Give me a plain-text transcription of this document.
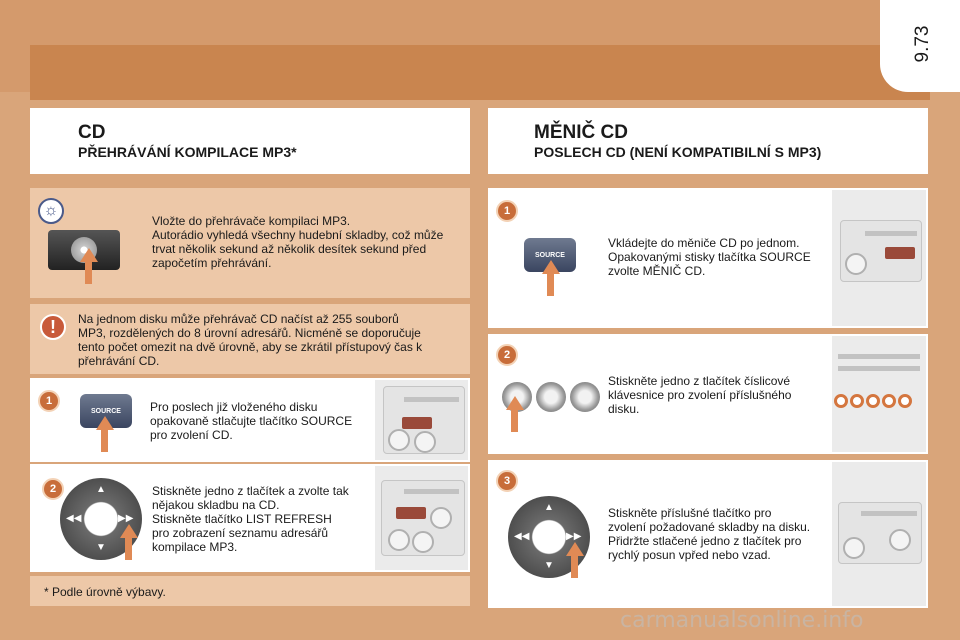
9.73
CD
PŘEHRÁVÁNÍ KOMPILACE MP3*
MĚNIČ CD
POSLECH CD (NENÍ KOMPATIBILNÍ S MP3)
☼
Vložte do přehrávače kompilaci MP3.
Autorádio vyhledá všechny hudební skladby, což může
trvat několik sekund až několik desítek sekund před
započetím přehrávání.
!	Na jednom disku může přehrávač CD načíst až 255 souborů
MP3, rozdělených do 8 úrovní adresářů. Nicméně se doporučuje
tento počet omezit na dvě úrovně, aby se zkrátil přístupový čas k
přehrávání CD.
1
SOURCE	Pro poslech již vloženého disku
opakovaně stlačujte tlačítko SOURCE
pro zvolení CD.
2	▲
▼
◀◀	▶▶
Stiskněte jedno z tlačítek a zvolte tak
nějakou skladbu na CD.
Stiskněte tlačítko LIST REFRESH
pro zobrazení seznamu adresářů
kompilace MP3.
* Podle úrovně výbavy.
1
SOURCE
Vkládejte do měniče CD po jednom.
Opakovanými stisky tlačítka SOURCE
zvolte MĚNIČ CD.
2
Stiskněte jedno z tlačítek číslicové
klávesnice pro zvolení příslušného
disku.
3
▲
▼
◀◀	▶▶
Stiskněte příslušné tlačítko pro
zvolení požadované skladby na disku.
Přidržte stlačené jedno z tlačítek pro
rychlý posun vpřed nebo vzad.
carmanualsonline.info
